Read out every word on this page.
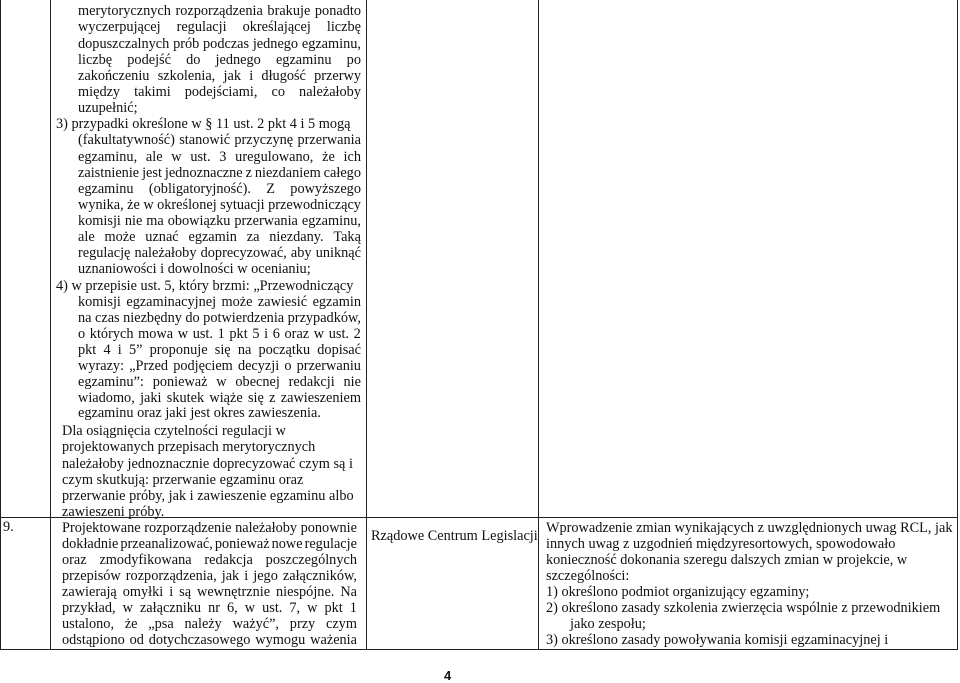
merytorycznych rozporządzenia brakuje ponadto
wyczerpującej regulacji określającej liczbę
dopuszczalnych prób podczas jednego egzaminu,
liczbę podejść do jednego egzaminu po
zakończeniu szkolenia, jak i długość przerwy
między takimi podejściami, co należałoby
uzupełnić;
3) przypadki określone w § 11 ust. 2 pkt 4 i 5 mogą
(fakultatywność) stanowić przyczynę przerwania
egzaminu, ale w ust. 3 uregulowano, że ich
zaistnienie jest jednoznaczne z niezdaniem całego
egzaminu (obligatoryjność). Z powyższego
wynika, że w określonej sytuacji przewodniczący
komisji nie ma obowiązku przerwania egzaminu,
ale może uznać egzamin za niezdany. Taką
regulację należałoby doprecyzować, aby uniknąć
uznaniowości i dowolności w ocenianiu;
4) w przepisie ust. 5, który brzmi: „Przewodniczący
komisji egzaminacyjnej może zawiesić egzamin
na czas niezbędny do potwierdzenia przypadków,
o których mowa w ust. 1 pkt 5 i 6 oraz w ust. 2
pkt 4 i 5” proponuje się na początku dopisać
wyrazy: „Przed podjęciem decyzji o przerwaniu
egzaminu”: ponieważ w obecnej redakcji nie
wiadomo, jaki skutek wiąże się z zawieszeniem
egzaminu oraz jaki jest okres zawieszenia.
Dla osiągnięcia czytelności regulacji w
projektowanych przepisach merytorycznych
należałoby jednoznacznie doprecyzować czym są i
czym skutkują: przerwanie egzaminu oraz
przerwanie próby, jak i zawieszenie egzaminu albo
zawieszeni próby.
9.	Projektowane rozporządzenie należałoby ponownie
dokładnie przeanalizować, ponieważ nowe regulacje
oraz zmodyfikowana redakcja poszczególnych
przepisów rozporządzenia, jak i jego załączników,
zawierają omyłki i są wewnętrznie niespójne. Na
przykład, w załączniku nr 6, w ust. 7, w pkt 1
ustalono, że „psa należy ważyć”, przy czym
odstąpiono od dotychczasowego wymogu ważenia
Rządowe Centrum Legislacji Wprowadzenie zmian wynikających z uwzględnionych uwag RCL, jak
innych uwag z uzgodnień międzyresortowych, spowodowało
konieczność dokonania szeregu dalszych zmian w projekcie, w
szczególności:
1) określono podmiot organizujący egzaminy;
2) określono zasady szkolenia zwierzęcia wspólnie z przewodnikiem
jako zespołu;
3) określono zasady powoływania komisji egzaminacyjnej i
4
